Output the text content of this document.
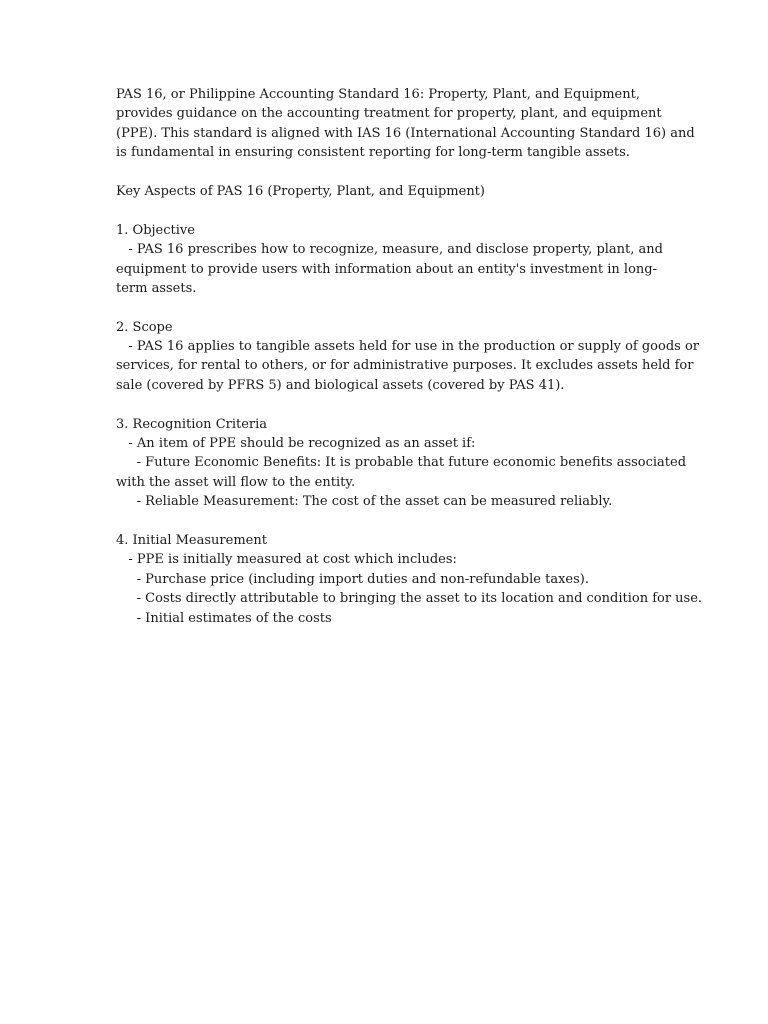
PAS 16, or Philippine Accounting Standard 16: Property, Plant, and Equipment,
provides guidance on the accounting treatment for property, plant, and equipment
(PPE). This standard is aligned with IAS 16 (International Accounting Standard 16) and
is fundamental in ensuring consistent reporting for long-term tangible assets.
Key Aspects of PAS 16 (Property, Plant, and Equipment)
1. Objective
- PAS 16 prescribes how to recognize, measure, and disclose property, plant, and
equipment to provide users with information about an entity's investment in long-
term assets.
2. Scope
- PAS 16 applies to tangible assets held for use in the production or supply of goods or
services, for rental to others, or for administrative purposes. It excludes assets held for
sale (covered by PFRS 5) and biological assets (covered by PAS 41).
3. Recognition Criteria
- An item of PPE should be recognized as an asset if:
- Future Economic Benefits: It is probable that future economic benefits associated
with the asset will flow to the entity.
- Reliable Measurement: The cost of the asset can be measured reliably.
4. Initial Measurement
- PPE is initially measured at cost which includes:
- Purchase price (including import duties and non-refundable taxes).
- Costs directly attributable to bringing the asset to its location and condition for use.
- Initial estimates of the costs
